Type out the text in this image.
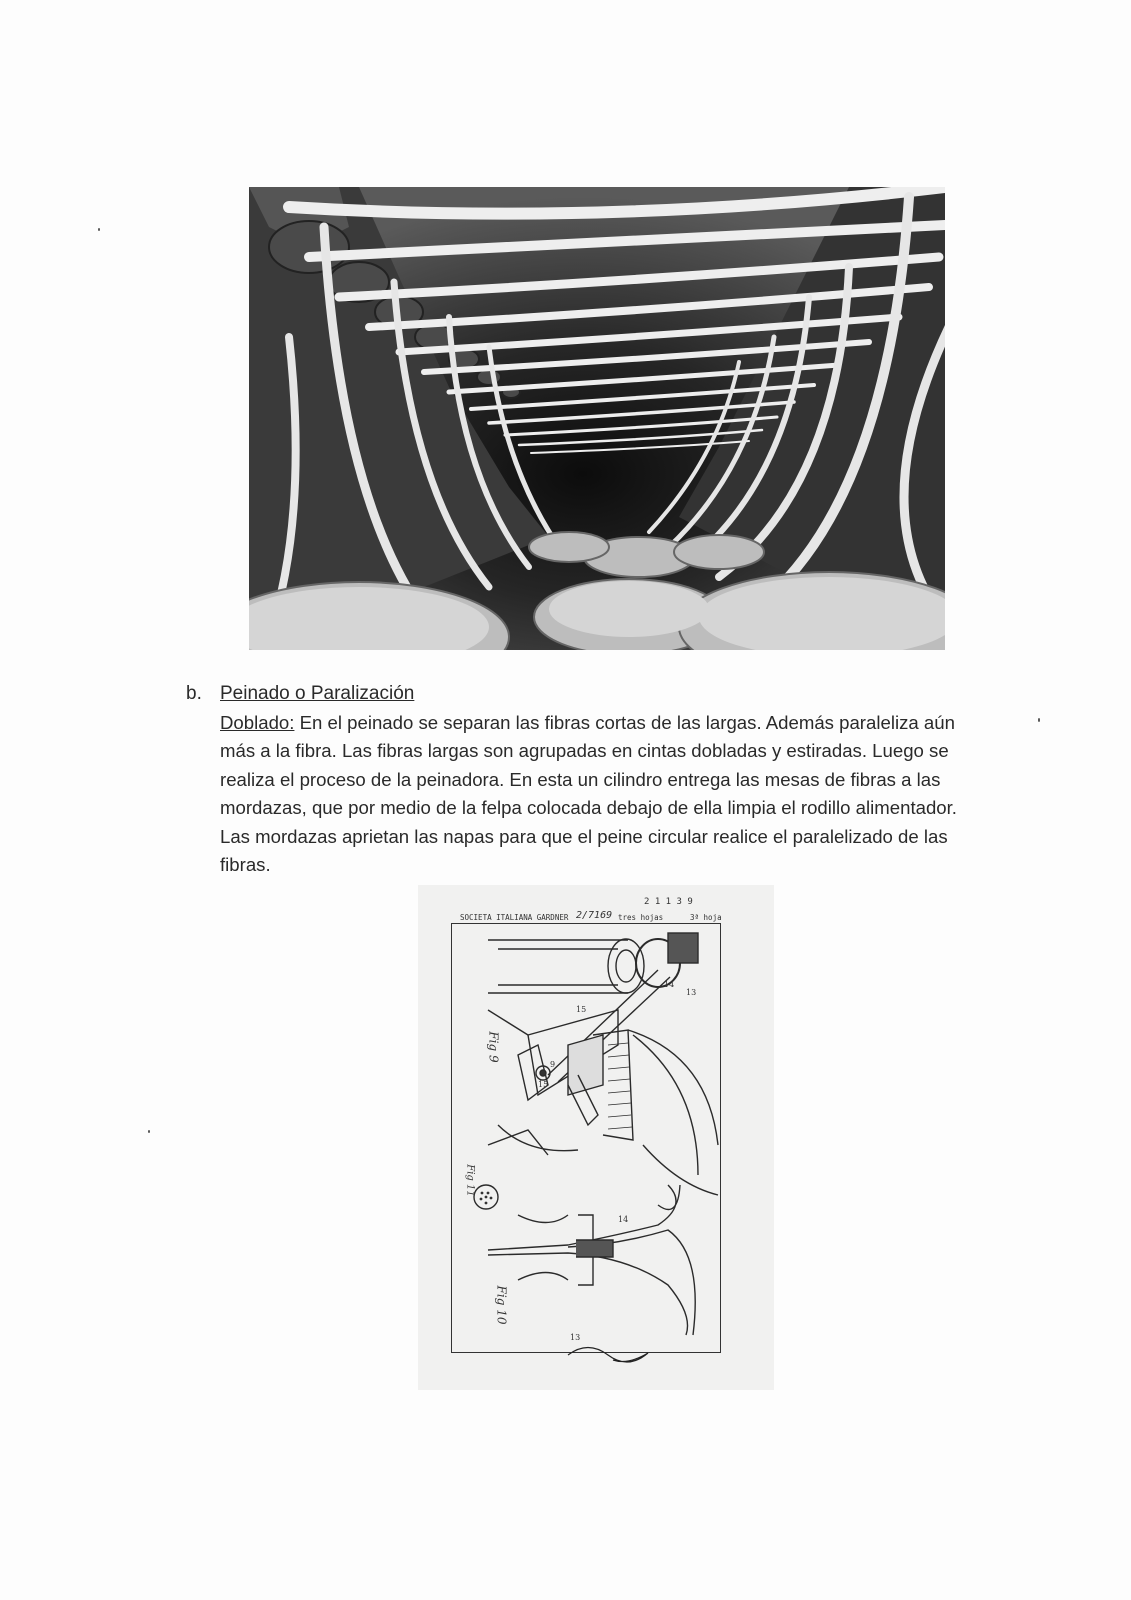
b. Peinado o Paralización
Doblado: En el peinado se separan las fibras cortas de las largas. Además paraleliza aún más a la fibra. Las fibras largas son agrupadas en cintas dobladas y estiradas. Luego se realiza el proceso de la peinadora. En esta un cilindro entrega las mesas de fibras a las mordazas, que por medio de la felpa colocada debajo de ella limpia el rodillo alimentador. Las mordazas aprietan las napas para que el peine circular realice el paralelizado de las fibras.
SOCIETA ITALIANA GARDNER 2/7169 tres hojas	3ª hoja
2 1 1 3 9
Fig 9
Fig 10
Fig 11
15
14
13
9
15
14
13
